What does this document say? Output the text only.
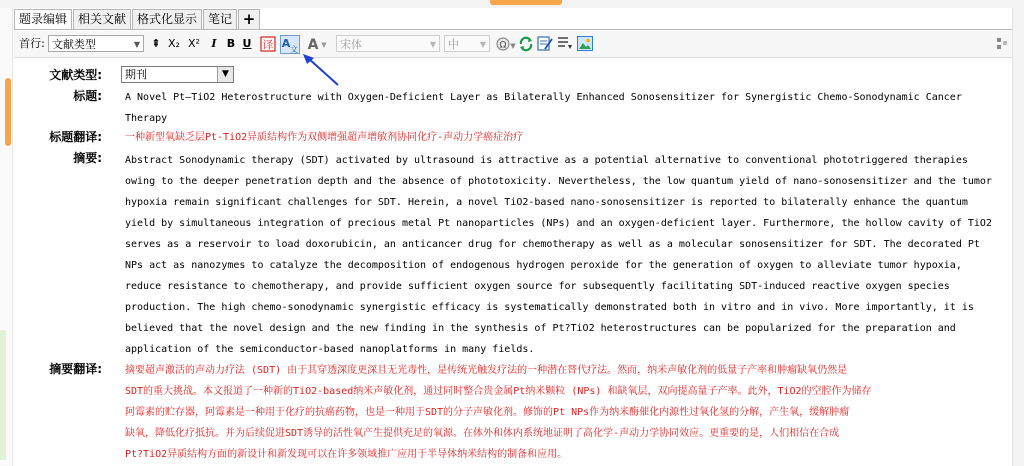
题录编辑 相关文献 格式化显示 笔记 +
首行: 文献类型	▼ ⇞ X₂ X²	I B U 译 A 文 A ▼	宋体	▼	中	▼ Ω ▼
文献类型: 期刊	▼
标题: A Novel Pt–TiO2 Heterostructure with Oxygen-Deficient Layer as Bilaterally Enhanced Sonosensitizer for Synergistic Chemo-Sonodynamic Cancer
Therapy
标题翻译: 一种新型氧缺乏层Pt-TiO2异质结构作为双侧增强超声增敏剂协同化疗-声动力学癌症治疗
摘要: Abstract Sonodynamic therapy (SDT) activated by ultrasound is attractive as a potential alternative to conventional phototriggered therapies
owing to the deeper penetration depth and the absence of phototoxicity. Nevertheless, the low quantum yield of nano-sonosensitizer and the tumor
hypoxia remain significant challenges for SDT. Herein, a novel TiO2-based nano-sonosensitizer is reported to bilaterally enhance the quantum
yield by simultaneous integration of precious metal Pt nanoparticles (NPs) and an oxygen-deficient layer. Furthermore, the hollow cavity of TiO2
serves as a reservoir to load doxorubicin, an anticancer drug for chemotherapy as well as a molecular sonosensitizer for SDT. The decorated Pt
NPs act as nanozymes to catalyze the decomposition of endogenous hydrogen peroxide for the generation of oxygen to alleviate tumor hypoxia,
reduce resistance to chemotherapy, and provide sufficient oxygen source for subsequently facilitating SDT-induced reactive oxygen species
production. The high chemo-sonodynamic synergistic efficacy is systematically demonstrated both in vitro and in vivo. More importantly, it is
believed that the novel design and the new finding in the synthesis of Pt?TiO2 heterostructures can be popularized for the preparation and
application of the semiconductor-based nanoplatforms in many fields.
摘要翻译: 摘要超声激活的声动力疗法 (SDT) 由于其穿透深度更深且无光毒性，是传统光触发疗法的一种潜在替代疗法。然而，纳米声敏化剂的低量子产率和肿瘤缺氧仍然是
SDT的重大挑战。本文报道了一种新的TiO2-based纳米声敏化剂，通过同时整合贵金属Pt纳米颗粒 (NPs) 和缺氧层，双向提高量子产率。此外，TiO2的空腔作为储存
阿霉素的贮存器，阿霉素是一种用于化疗的抗癌药物，也是一种用于SDT的分子声敏化剂。修饰的Pt NPs作为纳米酶催化内源性过氧化氢的分解，产生氧，缓解肿瘤
缺氧，降低化疗抵抗。并为后续促进SDT诱导的活性氧产生提供充足的氧源。在体外和体内系统地证明了高化学-声动力学协同效应。更重要的是，人们相信在合成
Pt?TiO2异质结构方面的新设计和新发现可以在许多领域推广应用于半导体纳米结构的制备和应用。
